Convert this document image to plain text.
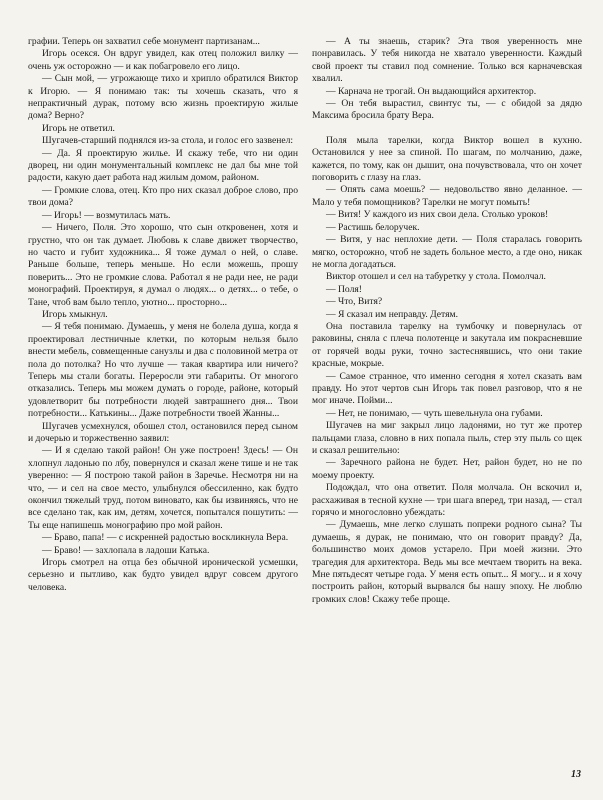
графии. Теперь он захватил себе монумент партизанам...

Игорь осекся. Он вдруг увидел, как отец положил вилку — очень уж осторожно — и как побагровело его лицо.

— Сын мой, — угрожающе тихо и хрипло обратился Виктор к Игорю. — Я понимаю так: ты хочешь сказать, что я непрактичный дурак, потому всю жизнь проектирую жилые дома? Верно?

Игорь не ответил.

Шугачев-старший поднялся из-за стола, и голос его зазвенел:

— Да. Я проектирую жилье. И скажу тебе, что ни один дворец, ни один монументальный комплекс не дал бы мне той радости, какую дает работа над жилым домом, районом.

— Громкие слова, отец. Кто про них сказал доброе слово, про твои дома?

— Игорь! — возмутилась мать.

— Ничего, Поля. Это хорошо, что сын откровенен, хотя и грустно, что он так думает. Любовь к славе движет творчество, но часто и губит художника... Я тоже думал о ней, о славе. Раньше больше, теперь меньше. Но если можешь, прошу поверить... Это не громкие слова. Работал я не ради нее, не ради монографий. Проектируя, я думал о людях... о детях... о тебе, о Тане, чтоб вам было тепло, уютно... просторно...

Игорь хмыкнул.

— Я тебя понимаю. Думаешь, у меня не болела душа, когда я проектировал лестничные клетки, по которым нельзя было внести мебель, совмещенные санузлы и два с половиной метра от пола до потолка? Но что лучше — такая квартира или ничего? Теперь мы стали богаты. Переросли эти габариты. От многого отказались. Теперь мы можем думать о городе, районе, который удовлетворит бы потребности людей завтрашнего дня... Твои потребности... Катькины... Даже потребности твоей Жанны...

Шугачев усмехнулся, обошел стол, остановился перед сыном и дочерью и торжественно заявил:

— И я сделаю такой район! Он уже построен! Здесь! — Он хлопнул ладонью по лбу, повернулся и сказал жене тише и не так уверенно: — Я построю такой район в Заречье. Несмотря ни на что, — и сел на свое место, улыбнулся обессиленно, как будто окончил тяжелый труд, потом виновато, как бы извиняясь, что не все сделано так, как им, детям, хочется, попытался пошутить: — Ты еще напишешь монографию про мой район.

— Браво, папа! — с искренней радостью воскликнула Вера.

— Браво! — захлопала в ладоши Катька.

Игорь смотрел на отца без обычной иронической усмешки, серьезно и пытливо, как будто увидел вдруг совсем другого человека.

— А ты знаешь, старик? Эта твоя уверенность мне понравилась. У тебя никогда не хватало уверенности. Каждый свой проект ты ставил под сомнение. Только вся карначевская хвалил.

— Карнача не трогай. Он выдающийся архитектор.

— Он тебя вырастил, свинтус ты, — с обидой за дядю Максима бросила брату Вера.

Поля мыла тарелки, когда Виктор вошел в кухню. Остановился у нее за спиной. По шагам, по молчанию, даже, кажется, по тому, как он дышит, она почувствовала, что он хочет поговорить с глазу на глаз.

— Опять сама моешь? — недовольство явно деланное. — Мало у тебя помощников? Тарелки не могут помыть!

— Витя! У каждого из них свои дела. Столько уроков!

— Растишь белоручек.

— Витя, у нас неплохие дети. — Поля старалась говорить мягко, осторожно, чтоб не задеть больное место, а где оно, никак не могла догадаться.

Виктор отошел и сел на табуретку у стола. Помолчал.

— Поля!

— Что, Витя?

— Я сказал им неправду. Детям.

Она поставила тарелку на тумбочку и повернулась от раковины, сняла с плеча полотенце и закутала им покрасневшие от горячей воды руки, точно застеснявшись, что они такие красные, мокрые.

— Самое странное, что именно сегодня я хотел сказать вам правду. Но этот чертов сын Игорь так повел разговор, что я не мог иначе. Пойми...

— Нет, не понимаю, — чуть шевельнула она губами.

Шугачев на миг закрыл лицо ладонями, но тут же протер пальцами глаза, словно в них попала пыль, стер эту пыль со щек и сказал решительно:

— Заречного района не будет. Нет, район будет, но не по моему проекту.

Подождал, что она ответит. Поля молчала. Он вскочил и, расхаживая в тесной кухне — три шага вперед, три назад, — стал горячо и многословно убеждать:

— Думаешь, мне легко слушать попреки родного сына? Ты думаешь, я дурак, не понимаю, что он говорит правду? Да, большинство моих домов устарело. При моей жизни. Это трагедия для архитектора. Ведь мы все мечтаем творить на века. Мне пятьдесят четыре года. У меня есть опыт... Я могу... и я хочу построить район, который вырвался бы нашу эпоху. Не люблю громких слов! Скажу тебе проще.

13
